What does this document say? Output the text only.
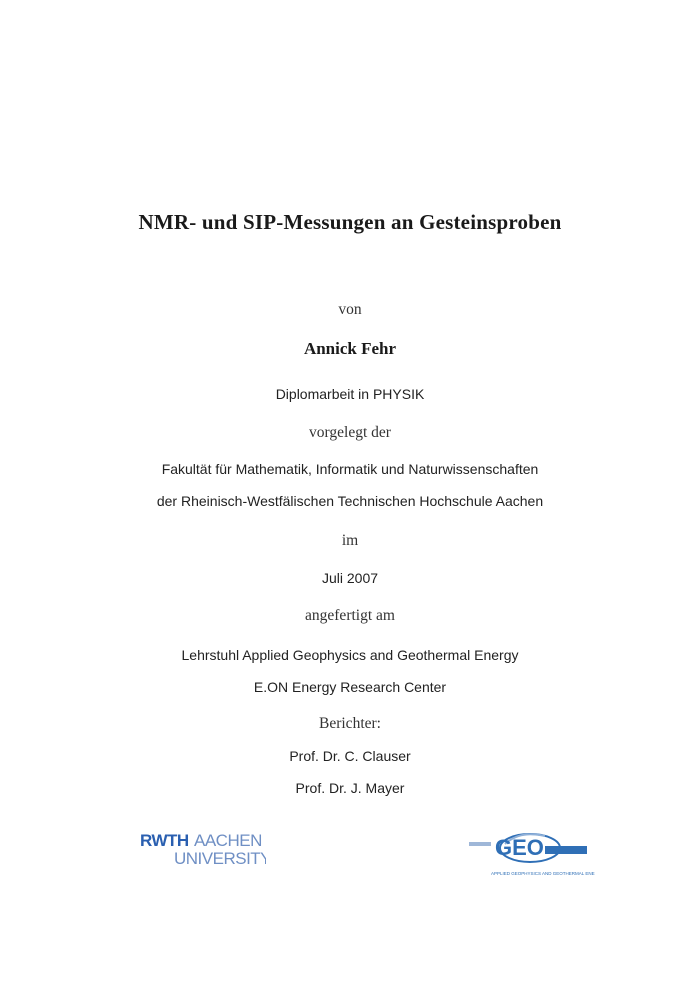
NMR- und SIP-Messungen an Gesteinsproben
von
Annick Fehr
Diplomarbeit in PHYSIK
vorgelegt der
Fakultät für Mathematik, Informatik und Naturwissenschaften
der Rheinisch-Westfälischen Technischen Hochschule Aachen
im
Juli 2007
angefertigt am
Lehrstuhl Applied Geophysics and Geothermal Energy
E.ON Energy Research Center
Berichter:
Prof. Dr. C. Clauser
Prof. Dr. J. Mayer
RWTH AACHEN
UNIVERSITY	GEO
APPLIED GEOPHYSICS AND GEOTHERMAL ENERGY
